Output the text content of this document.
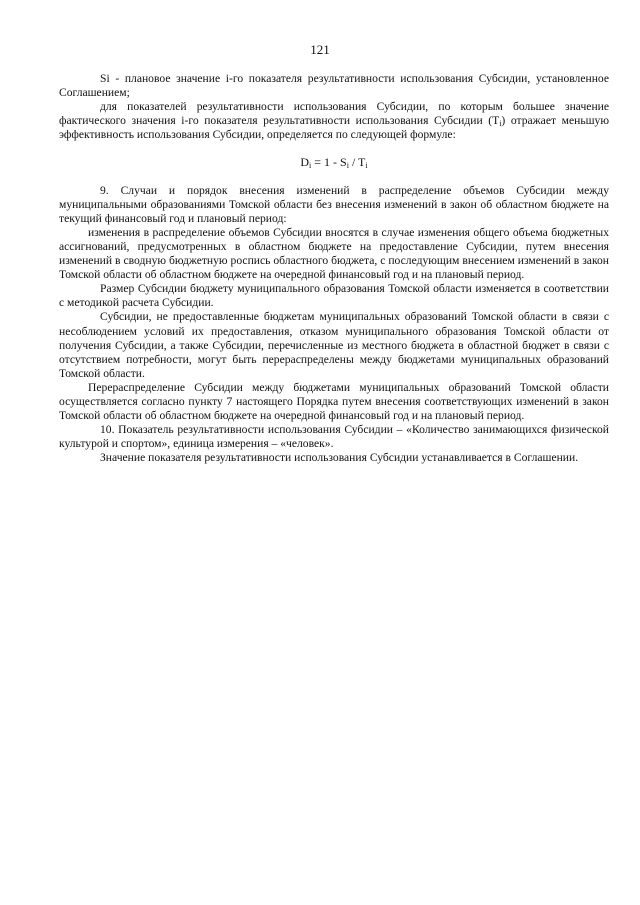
121

Si - плановое значение i-го показателя результативности использования Субсидии, установленное Соглашением;

для показателей результативности использования Субсидии, по которым большее значение фактического значения i-го показателя результативности использования Субсидии $(T_i)$ отражает меньшую эффективность использования Субсидии, определяется по следующей формуле:

$D_i = 1 - S_i / T_i$

9. Случаи и порядок внесения изменений в распределение объемов Субсидии между муниципальными образованиями Томской области без внесения изменений в закон об областном бюджете на текущий финансовый год и плановый период:

изменения в распределение объемов Субсидии вносятся в случае изменения общего объема бюджетных ассигнований, предусмотренных в областном бюджете на предоставление Субсидии, путем внесения изменений в сводную бюджетную роспись областного бюджета, с последующим внесением изменений в закон Томской области об областном бюджете на очередной финансовый год и на плановый период.

Размер Субсидии бюджету муниципального образования Томской области изменяется в соответствии с методикой расчета Субсидии.

Субсидии, не предоставленные бюджетам муниципальных образований Томской области в связи с несоблюдением условий их предоставления, отказом муниципального образования Томской области от получения Субсидии, а также Субсидии, перечисленные из местного бюджета в областной бюджет в связи с отсутствием потребности, могут быть перераспределены между бюджетами муниципальных образований Томской области.

Перераспределение Субсидии между бюджетами муниципальных образований Томской области осуществляется согласно пункту 7 настоящего Порядка путем внесения соответствующих изменений в закон Томской области об областном бюджете на очередной финансовый год и на плановый период.

10. Показатель результативности использования Субсидии – «Количество занимающихся физической культурой и спортом», единица измерения – «человек».

Значение показателя результативности использования Субсидии устанавливается в Соглашении.
